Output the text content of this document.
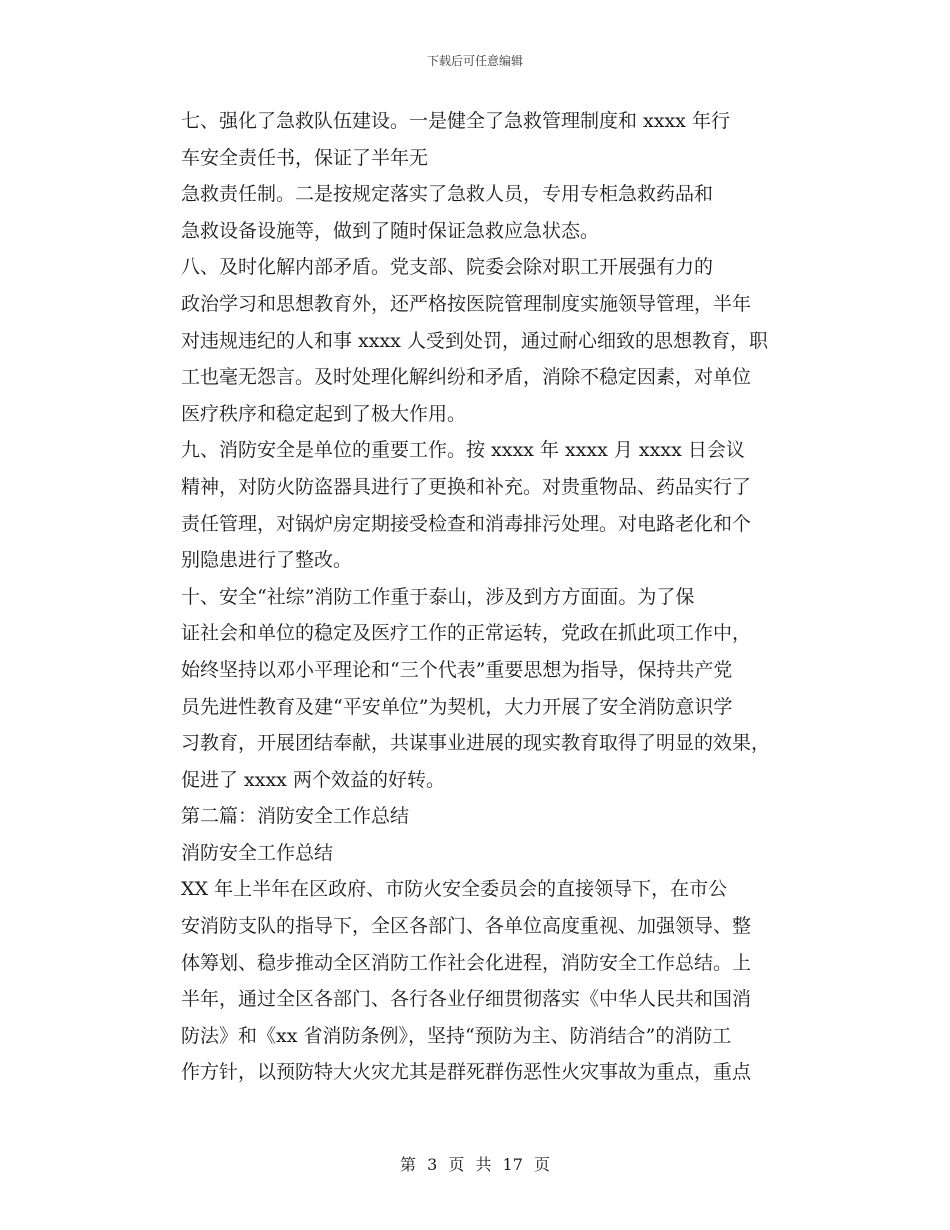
下载后可任意编辑

七、强化了急救队伍建设。一是健全了急救管理制度和 xxxx 年行
车安全责任书，保证了半年无

急救责任制。二是按规定落实了急救人员，专用专柜急救药品和
急救设备设施等，做到了随时保证急救应急状态。

八、及时化解内部矛盾。党支部、院委会除对职工开展强有力的
政治学习和思想教育外，还严格按医院管理制度实施领导管理，半年
对违规违纪的人和事 xxxx 人受到处罚，通过耐心细致的思想教育，职
工也毫无怨言。及时处理化解纠纷和矛盾，消除不稳定因素，对单位
医疗秩序和稳定起到了极大作用。

九、消防安全是单位的重要工作。按 xxxx 年 xxxx 月 xxxx 日会议
精神，对防火防盗器具进行了更换和补充。对贵重物品、药品实行了
责任管理，对锅炉房定期接受检查和消毒排污处理。对电路老化和个
别隐患进行了整改。

十、安全“社综”消防工作重于泰山，涉及到方方面面。为了保
证社会和单位的稳定及医疗工作的正常运转，党政在抓此项工作中，
始终坚持以邓小平理论和“三个代表”重要思想为指导，保持共产党
员先进性教育及建“平安单位”为契机，大力开展了安全消防意识学
习教育，开展团结奉献，共谋事业进展的现实教育取得了明显的效果，
促进了 xxxx 两个效益的好转。

第二篇：消防安全工作总结

消防安全工作总结

XX 年上半年在区政府、市防火安全委员会的直接领导下，在市公
安消防支队的指导下，全区各部门、各单位高度重视、加强领导、整
体筹划、稳步推动全区消防工作社会化进程，消防安全工作总结。上
半年，通过全区各部门、各行各业仔细贯彻落实《中华人民共和国消
防法》和《xx 省消防条例》，坚持“预防为主、防消结合”的消防工
作方针，以预防特大火灾尤其是群死群伤恶性火灾事故为重点，重点

第 3 页 共 17 页
